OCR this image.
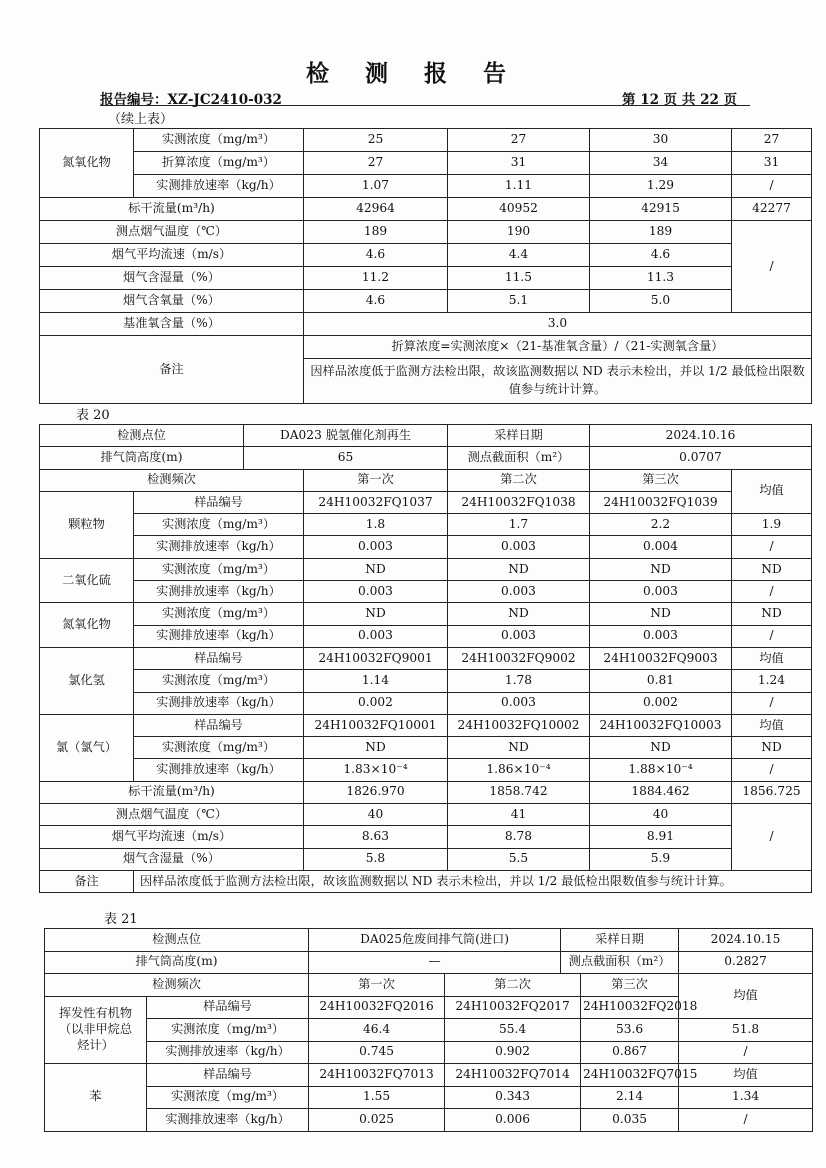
检 测 报 告
报告编号：XZ-JC2410-032	第 12 页 共 22 页
（续上表）
氮氧化物	实测浓度（mg/m³）	25	27	30	27
	折算浓度（mg/m³）	27	31	34	31
	实测排放速率（kg/h）	1.07	1.11	1.29	/
标干流量(m³/h)		42964	40952	42915	42277
测点烟气温度（℃）		189	190	189	/
烟气平均流速（m/s）		4.6	4.4	4.6	
烟气含湿量（%）		11.2	11.5	11.3	
烟气含氧量（%）		4.6	5.1	5.0	
基准氧含量（%）		3.0			
备注		折算浓度=实测浓度×（21-基准氧含量）/（21-实测氧含量）			
		因样品浓度低于监测方法检出限，故该监测数据以 ND 表示未检出，并以 1/2 最低检出限数值参与统计计算。			
表 20
检测点位		DA023 脱氢催化剂再生		采样日期	2024.10.16	
排气筒高度(m)		65		测点截面积（m²）	0.0707	
检测频次			第一次	第二次	第三次	均值
颗粒物	样品编号		24H10032FQ1037	24H10032FQ1038	24H10032FQ1039	
	实测浓度（mg/m³）		1.8	1.7	2.2	1.9
	实测排放速率（kg/h）		0.003	0.003	0.004	/
二氧化硫	实测浓度（mg/m³）		ND	ND	ND	ND
	实测排放速率（kg/h）		0.003	0.003	0.003	/
氮氧化物	实测浓度（mg/m³）		ND	ND	ND	ND
	实测排放速率（kg/h）		0.003	0.003	0.003	/
氯化氢	样品编号		24H10032FQ9001	24H10032FQ9002	24H10032FQ9003	均值
	实测浓度（mg/m³）		1.14	1.78	0.81	1.24
	实测排放速率（kg/h）		0.002	0.003	0.002	/
氯（氯气）	样品编号		24H10032FQ10001	24H10032FQ10002	24H10032FQ10003	均值
	实测浓度（mg/m³）		ND	ND	ND	ND
	实测排放速率（kg/h）		1.83×10⁻⁴	1.86×10⁻⁴	1.88×10⁻⁴	/
标干流量(m³/h)			1826.970	1858.742	1884.462	1856.725
测点烟气温度（℃）			40	41	40	/
烟气平均流速（m/s）			8.63	8.78	8.91	
烟气含湿量（%）			5.8	5.5	5.9	
备注	因样品浓度低于监测方法检出限，故该监测数据以 ND 表示未检出，并以 1/2 最低检出限数值参与统计计算。					
表 21
检测点位		DA025危废间排气筒(进口)		采样日期		2024.10.15
排气筒高度(m)		—		测点截面积（m²）		0.2827
检测频次		第一次	第二次		第三次	均值

挥发性有机物
（以非甲烷总
烃计）	样品编号	24H10032FQ2016	24H10032FQ2017		24H10032FQ2018	
	实测浓度（mg/m³）	46.4	55.4		53.6	51.8
	实测排放速率（kg/h）	0.745	0.902		0.867	/
苯	样品编号	24H10032FQ7013	24H10032FQ7014		24H10032FQ7015	均值
	实测浓度（mg/m³）	1.55	0.343		2.14	1.34
	实测排放速率（kg/h）	0.025	0.006		0.035	/
